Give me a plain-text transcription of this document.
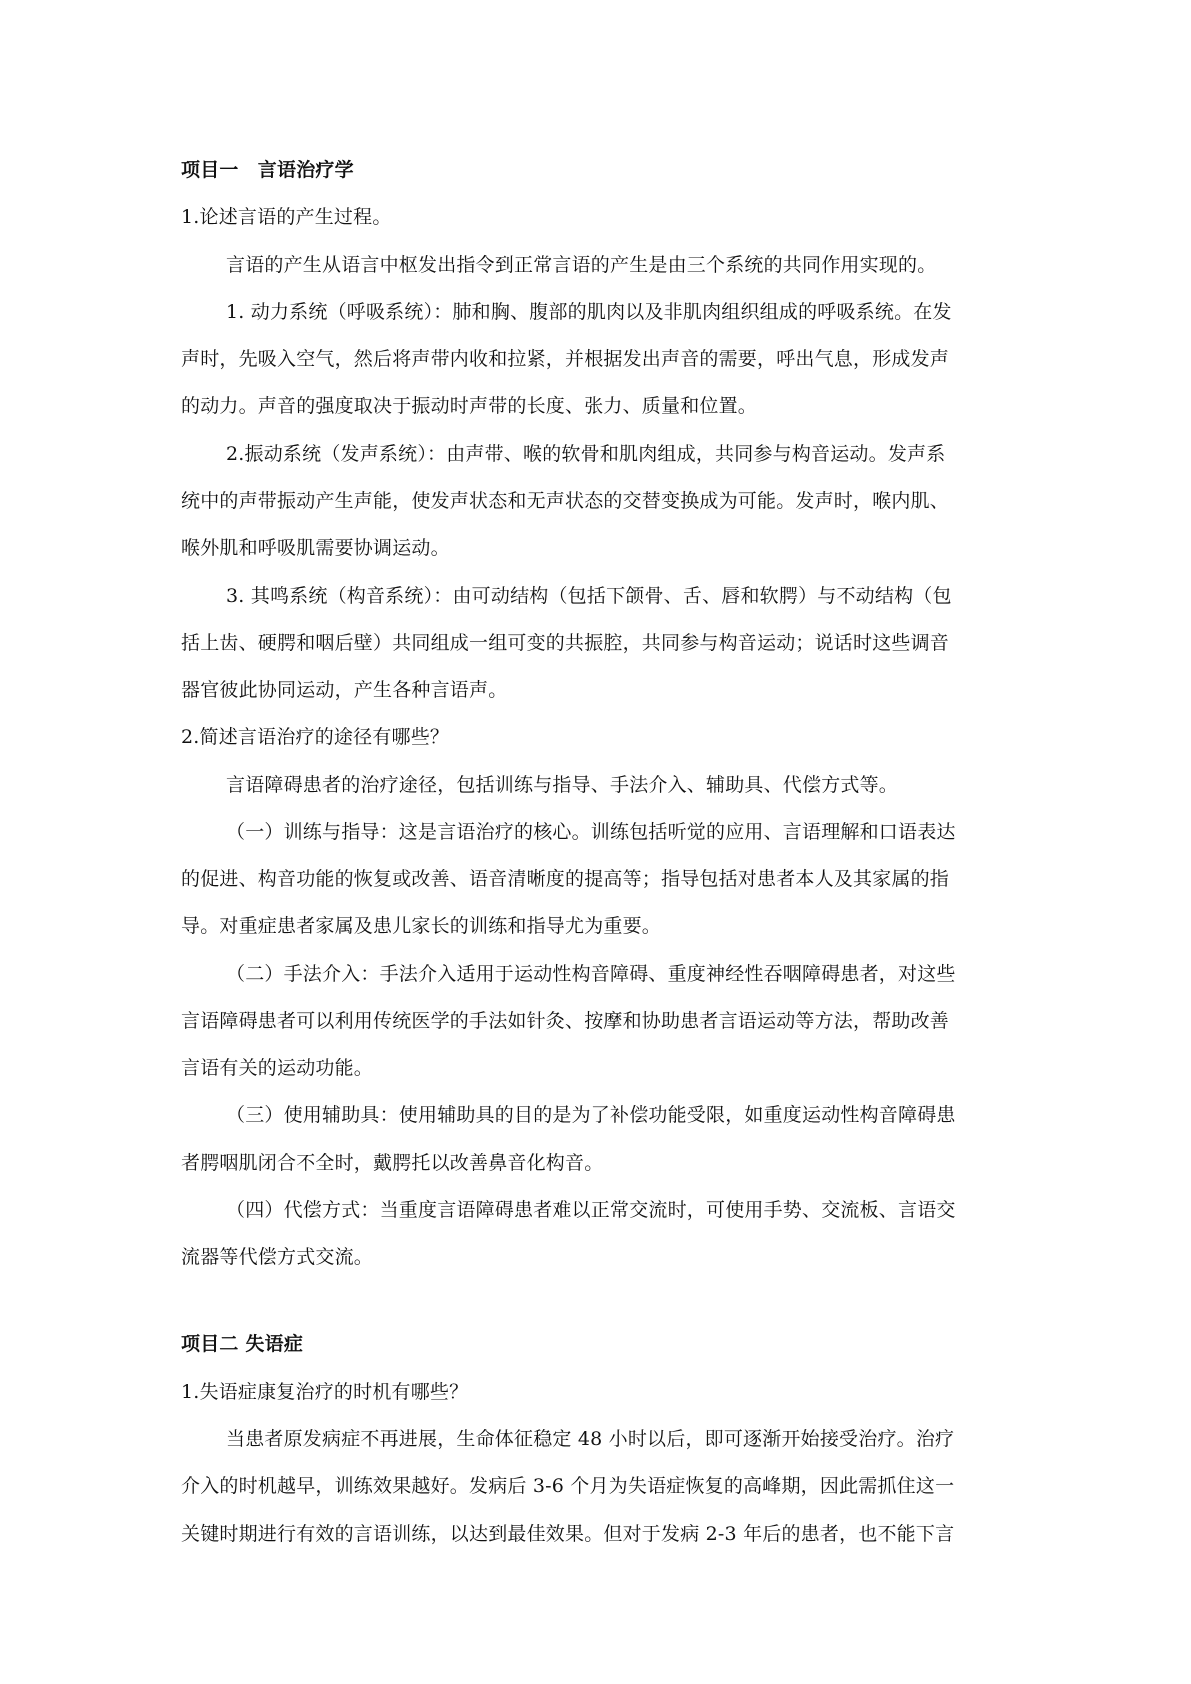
项目一　言语治疗学
1.论述言语的产生过程。
言语的产生从语言中枢发出指令到正常言语的产生是由三个系统的共同作用实现的。
1. 动力系统（呼吸系统）：肺和胸、腹部的肌肉以及非肌肉组织组成的呼吸系统。在发
声时，先吸入空气，然后将声带内收和拉紧，并根据发出声音的需要，呼出气息，形成发声
的动力。声音的强度取决于振动时声带的长度、张力、质量和位置。
2.振动系统（发声系统）：由声带、喉的软骨和肌肉组成，共同参与构音运动。发声系
统中的声带振动产生声能，使发声状态和无声状态的交替变换成为可能。发声时，喉内肌、
喉外肌和呼吸肌需要协调运动。
3. 其鸣系统（构音系统）：由可动结构（包括下颌骨、舌、唇和软腭）与不动结构（包
括上齿、硬腭和咽后壁）共同组成一组可变的共振腔，共同参与构音运动；说话时这些调音
器官彼此协同运动，产生各种言语声。
2.简述言语治疗的途径有哪些？
言语障碍患者的治疗途径，包括训练与指导、手法介入、辅助具、代偿方式等。
（一）训练与指导：这是言语治疗的核心。训练包括听觉的应用、言语理解和口语表达
的促进、构音功能的恢复或改善、语音清晰度的提高等；指导包括对患者本人及其家属的指
导。对重症患者家属及患儿家长的训练和指导尤为重要。
（二）手法介入：手法介入适用于运动性构音障碍、重度神经性吞咽障碍患者，对这些
言语障碍患者可以利用传统医学的手法如针灸、按摩和协助患者言语运动等方法，帮助改善
言语有关的运动功能。
（三）使用辅助具：使用辅助具的目的是为了补偿功能受限，如重度运动性构音障碍患
者腭咽肌闭合不全时，戴腭托以改善鼻音化构音。
（四）代偿方式：当重度言语障碍患者难以正常交流时，可使用手势、交流板、言语交
流器等代偿方式交流。
项目二 失语症
1.失语症康复治疗的时机有哪些？
当患者原发病症不再进展，生命体征稳定 48 小时以后，即可逐渐开始接受治疗。治疗
介入的时机越早，训练效果越好。发病后 3-6 个月为失语症恢复的高峰期，因此需抓住这一
关键时期进行有效的言语训练，以达到最佳效果。但对于发病 2-3 年后的患者，也不能下言
